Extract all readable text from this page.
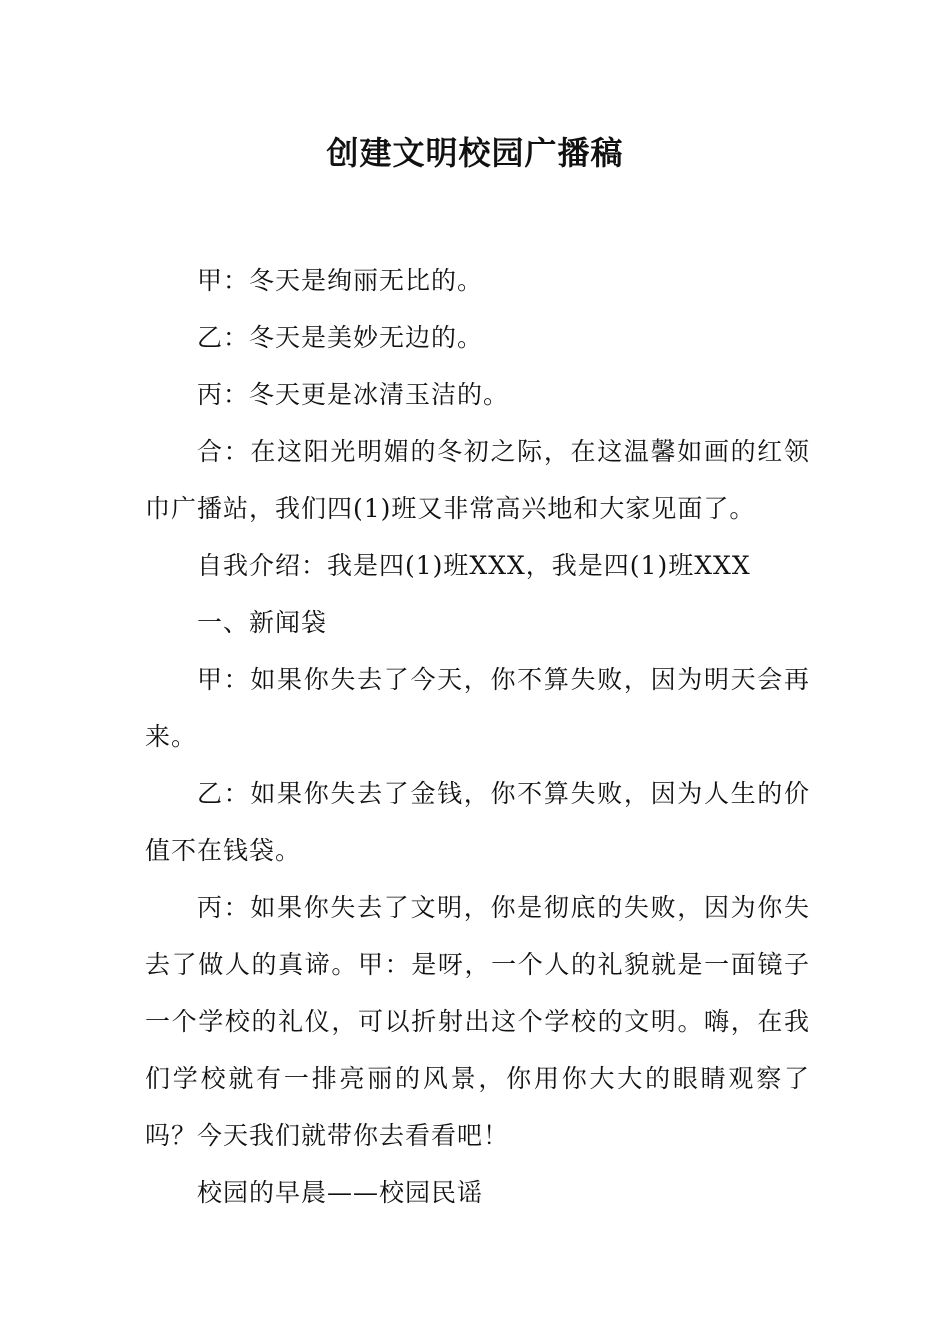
创建文明校园广播稿

甲：冬天是绚丽无比的。

乙：冬天是美妙无边的。

丙：冬天更是冰清玉洁的。

合：在这阳光明媚的冬初之际，在这温馨如画的红领巾广播站，我们四(1)班又非常高兴地和大家见面了。

自我介绍：我是四(1)班XXX，我是四(1)班XXX

一、新闻袋

甲：如果你失去了今天，你不算失败，因为明天会再来。

乙：如果你失去了金钱，你不算失败，因为人生的价值不在钱袋。

丙：如果你失去了文明，你是彻底的失败，因为你失去了做人的真谛。甲：是呀，一个人的礼貌就是一面镜子一个学校的礼仪，可以折射出这个学校的文明。嗨，在我们学校就有一排亮丽的风景，你用你大大的眼睛观察了吗？今天我们就带你去看看吧！

校园的早晨——校园民谣
